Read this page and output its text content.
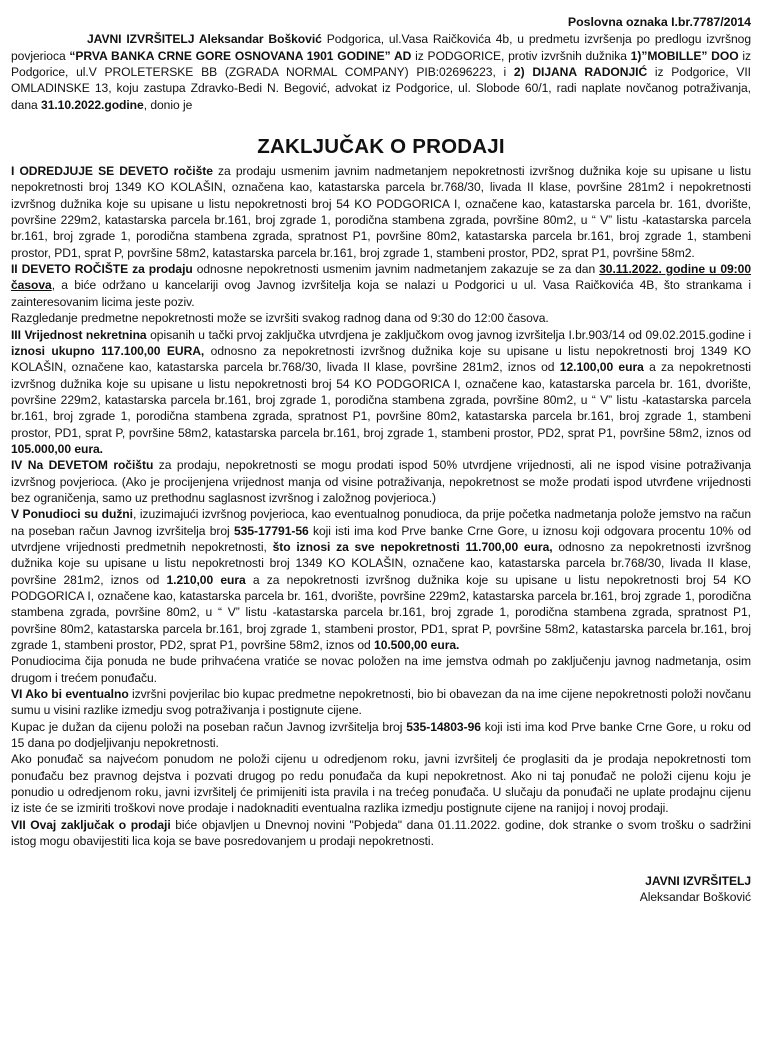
Poslovna oznaka I.br.7787/2014

JAVNI IZVRŠITELJ Aleksandar Bošković Podgorica, ul.Vasa Raičkovića 4b, u predmetu izvršenja po predlogu izvršnog povjerioca “PRVA BANKA CRNE GORE OSNOVANA 1901 GODINE” AD iz PODGORICE, protiv izvršnih dužnika 1)”MOBILLE” DOO iz Podgorice, ul.V PROLETERSKE BB (ZGRADA NORMAL COMPANY) PIB:02696223, i 2) DIJANA RADONJIĆ iz Podgorice, VII OMLADINSKE 13, koju zastupa Zdravko-Bedi N. Begović, advokat iz Podgorice, ul. Slobode 60/1, radi naplate novčanog potraživanja, dana 31.10.2022.godine, donio je

ZAKLJUČAK O PRODAJI

I ODREDJUJE SE DEVETO ročište za prodaju usmenim javnim nadmetanjem nepokretnosti izvršnog dužnika koje su upisane u listu nepokretnosti broj 1349 KO KOLAŠIN, označena kao, katastarska parcela br.768/30, livada II klase, površine 281m2 i nepokretnosti izvršnog dužnika koje su upisane u listu nepokretnosti broj 54 KO PODGORICA I, označene kao, katastarska parcela br. 161, dvorište, površine 229m2, katastarska parcela br.161, broj zgrade 1, porodična stambena zgrada, površine 80m2, u “ V” listu -katastarska parcela br.161, broj zgrade 1, porodična stambena zgrada, spratnost P1, površine 80m2, katastarska parcela br.161, broj zgrade 1, stambeni prostor, PD1, sprat P, površine 58m2, katastarska parcela br.161, broj zgrade 1, stambeni prostor, PD2, sprat P1, površine 58m2.

II DEVETO ROČIŠTE za prodaju odnosne nepokretnosti usmenim javnim nadmetanjem zakazuje se za dan 30.11.2022. godine u 09:00 časova, a biće održano u kancelariji ovog Javnog izvršitelja koja se nalazi u Podgorici u ul. Vasa Raičkovića 4B, što strankama i zainteresovanim licima jeste poziv.

Razgledanje predmetne nepokretnosti može se izvršiti svakog radnog dana od 9:30 do 12:00 časova.

III Vrijednost nekretnina opisanih u tački prvoj zaključka utvrdjena je zaključkom ovog javnog izvršitelja I.br.903/14 od 09.02.2015.godine i iznosi ukupno 117.100,00 EURA, odnosno za nepokretnosti izvršnog dužnika koje su upisane u listu nepokretnosti broj 1349 KO KOLAŠIN, označene kao, katastarska parcela br.768/30, livada II klase, površine 281m2, iznos od 12.100,00 eura a za nepokretnosti izvršnog dužnika koje su upisane u listu nepokretnosti broj 54 KO PODGORICA I, označene kao, katastarska parcela br. 161, dvorište, površine 229m2, katastarska parcela br.161, broj zgrade 1, porodična stambena zgrada, površine 80m2, u “ V” listu -katastarska parcela br.161, broj zgrade 1, porodična stambena zgrada, spratnost P1, površine 80m2, katastarska parcela br.161, broj zgrade 1, stambeni prostor, PD1, sprat P, površine 58m2, katastarska parcela br.161, broj zgrade 1, stambeni prostor, PD2, sprat P1, površine 58m2, iznos od 105.000,00 eura.

IV Na DEVETOM ročištu za prodaju, nepokretnosti se mogu prodati ispod 50% utvrdjene vrijednosti, ali ne ispod visine potraživanja izvršnog povjerioca. (Ako je procijenjena vrijednost manja od visine potraživanja, nepokretnost se može prodati ispod utvrđene vrijednosti bez ograničenja, samo uz prethodnu saglasnost izvršnog i založnog povjerioca.)

V Ponudioci su dužni, izuzimajući izvršnog povjerioca, kao eventualnog ponudioca, da prije početka nadmetanja polože jemstvo na račun na poseban račun Javnog izvršitelja broj 535-17791-56 koji isti ima kod Prve banke Crne Gore, u iznosu koji odgovara procentu 10% od utvrdjene vrijednosti predmetnih nepokretnosti, što iznosi za sve nepokretnosti 11.700,00 eura, odnosno za nepokretnosti izvršnog dužnika koje su upisane u listu nepokretnosti broj 1349 KO KOLAŠIN, označene kao, katastarska parcela br.768/30, livada II klase, površine 281m2, iznos od 1.210,00 eura a za nepokretnosti izvršnog dužnika koje su upisane u listu nepokretnosti broj 54 KO PODGORICA I, označene kao, katastarska parcela br. 161, dvorište, površine 229m2, katastarska parcela br.161, broj zgrade 1, porodična stambena zgrada, površine 80m2, u “ V” listu -katastarska parcela br.161, broj zgrade 1, porodična stambena zgrada, spratnost P1, površine 80m2, katastarska parcela br.161, broj zgrade 1, stambeni prostor, PD1, sprat P, površine 58m2, katastarska parcela br.161, broj zgrade 1, stambeni prostor, PD2, sprat P1, površine 58m2, iznos od 10.500,00 eura.

Ponudiocima čija ponuda ne bude prihvaćena vratiće se novac položen na ime jemstva odmah po zaključenju javnog nadmetanja, osim drugom i trećem ponuđaču.

VI Ako bi eventualno izvršni povjerilac bio kupac predmetne nepokretnosti, bio bi obavezan da na ime cijene nepokretnosti položi novčanu sumu u visini razlike izmedju svog potraživanja i postignute cijene.

Kupac je dužan da cijenu položi na poseban račun Javnog izvršitelja broj 535-14803-96 koji isti ima kod Prve banke Crne Gore, u roku od 15 dana po dodjeljivanju nepokretnosti.

Ako ponuđač sa najvećom ponudom ne položi cijenu u odredjenom roku, javni izvršitelj će proglasiti da je prodaja nepokretnosti tom ponuđaču bez pravnog dejstva i pozvati drugog po redu ponuđača da kupi nepokretnost. Ako ni taj ponuđač ne položi cijenu koju je ponudio u odredjenom roku, javni izvršitelj će primijeniti ista pravila i na trećeg ponuđača. U slučaju da ponuđači ne uplate prodajnu cijenu iz iste će se izmiriti troškovi nove prodaje i nadoknaditi eventualna razlika izmedju postignute cijene na ranijoj i novoj prodaji.

VII Ovaj zaključak o prodaji biće objavljen u Dnevnoj novini "Pobjeda" dana 01.11.2022. godine, dok stranke o svom trošku o sadržini istog mogu obavijestiti lica koja se bave posredovanjem u prodaji nepokretnosti.

JAVNI IZVRŠITELJ
Aleksandar Bošković
